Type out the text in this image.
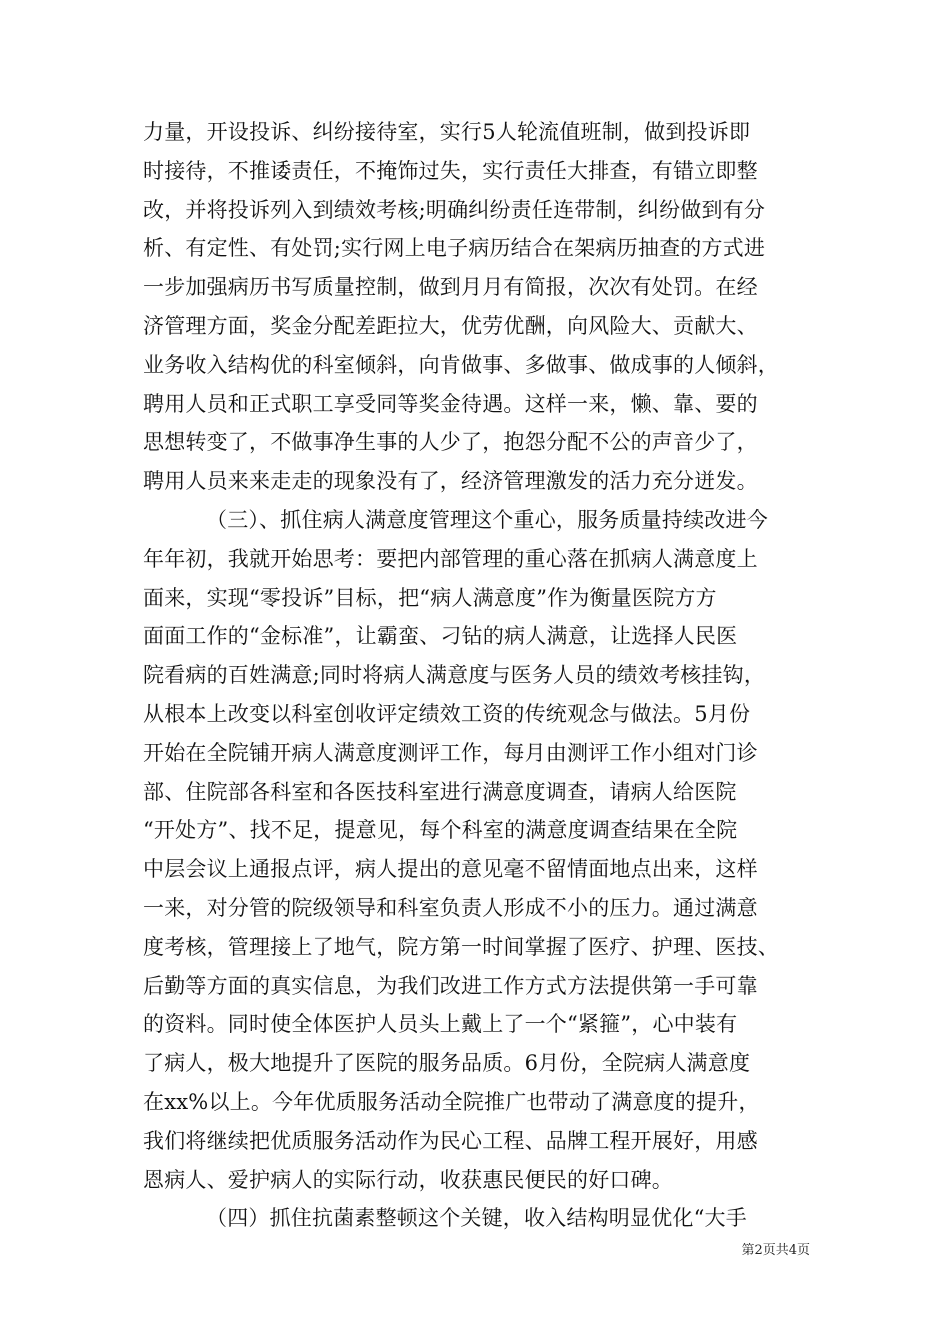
力量，开设投诉、纠纷接待室，实行5人轮流值班制，做到投诉即
时接待，不推诿责任，不掩饰过失，实行责任大排查，有错立即整
改，并将投诉列入到绩效考核;明确纠纷责任连带制，纠纷做到有分
析、有定性、有处罚;实行网上电子病历结合在架病历抽查的方式进
一步加强病历书写质量控制，做到月月有简报，次次有处罚。在经
济管理方面，奖金分配差距拉大，优劳优酬，向风险大、贡献大、
业务收入结构优的科室倾斜，向肯做事、多做事、做成事的人倾斜，
聘用人员和正式职工享受同等奖金待遇。这样一来，懒、靠、要的
思想转变了，不做事净生事的人少了，抱怨分配不公的声音少了，
聘用人员来来走走的现象没有了，经济管理激发的活力充分迸发。
（三）、抓住病人满意度管理这个重心，服务质量持续改进今
年年初，我就开始思考：要把内部管理的重心落在抓病人满意度上
面来，实现“零投诉”目标，把“病人满意度”作为衡量医院方方
面面工作的“金标准”，让霸蛮、刁钻的病人满意，让选择人民医
院看病的百姓满意;同时将病人满意度与医务人员的绩效考核挂钩，
从根本上改变以科室创收评定绩效工资的传统观念与做法。5月份
开始在全院铺开病人满意度测评工作，每月由测评工作小组对门诊
部、住院部各科室和各医技科室进行满意度调查，请病人给医院
“开处方”、找不足，提意见，每个科室的满意度调查结果在全院
中层会议上通报点评，病人提出的意见毫不留情面地点出来，这样
一来，对分管的院级领导和科室负责人形成不小的压力。通过满意
度考核，管理接上了地气，院方第一时间掌握了医疗、护理、医技、
后勤等方面的真实信息，为我们改进工作方式方法提供第一手可靠
的资料。同时使全体医护人员头上戴上了一个“紧箍”，心中装有
了病人，极大地提升了医院的服务品质。6月份，全院病人满意度
在xx%以上。今年优质服务活动全院推广也带动了满意度的提升，
我们将继续把优质服务活动作为民心工程、品牌工程开展好，用感
恩病人、爱护病人的实际行动，收获惠民便民的好口碑。
（四）抓住抗菌素整顿这个关键，收入结构明显优化“大手
第2页共4页
